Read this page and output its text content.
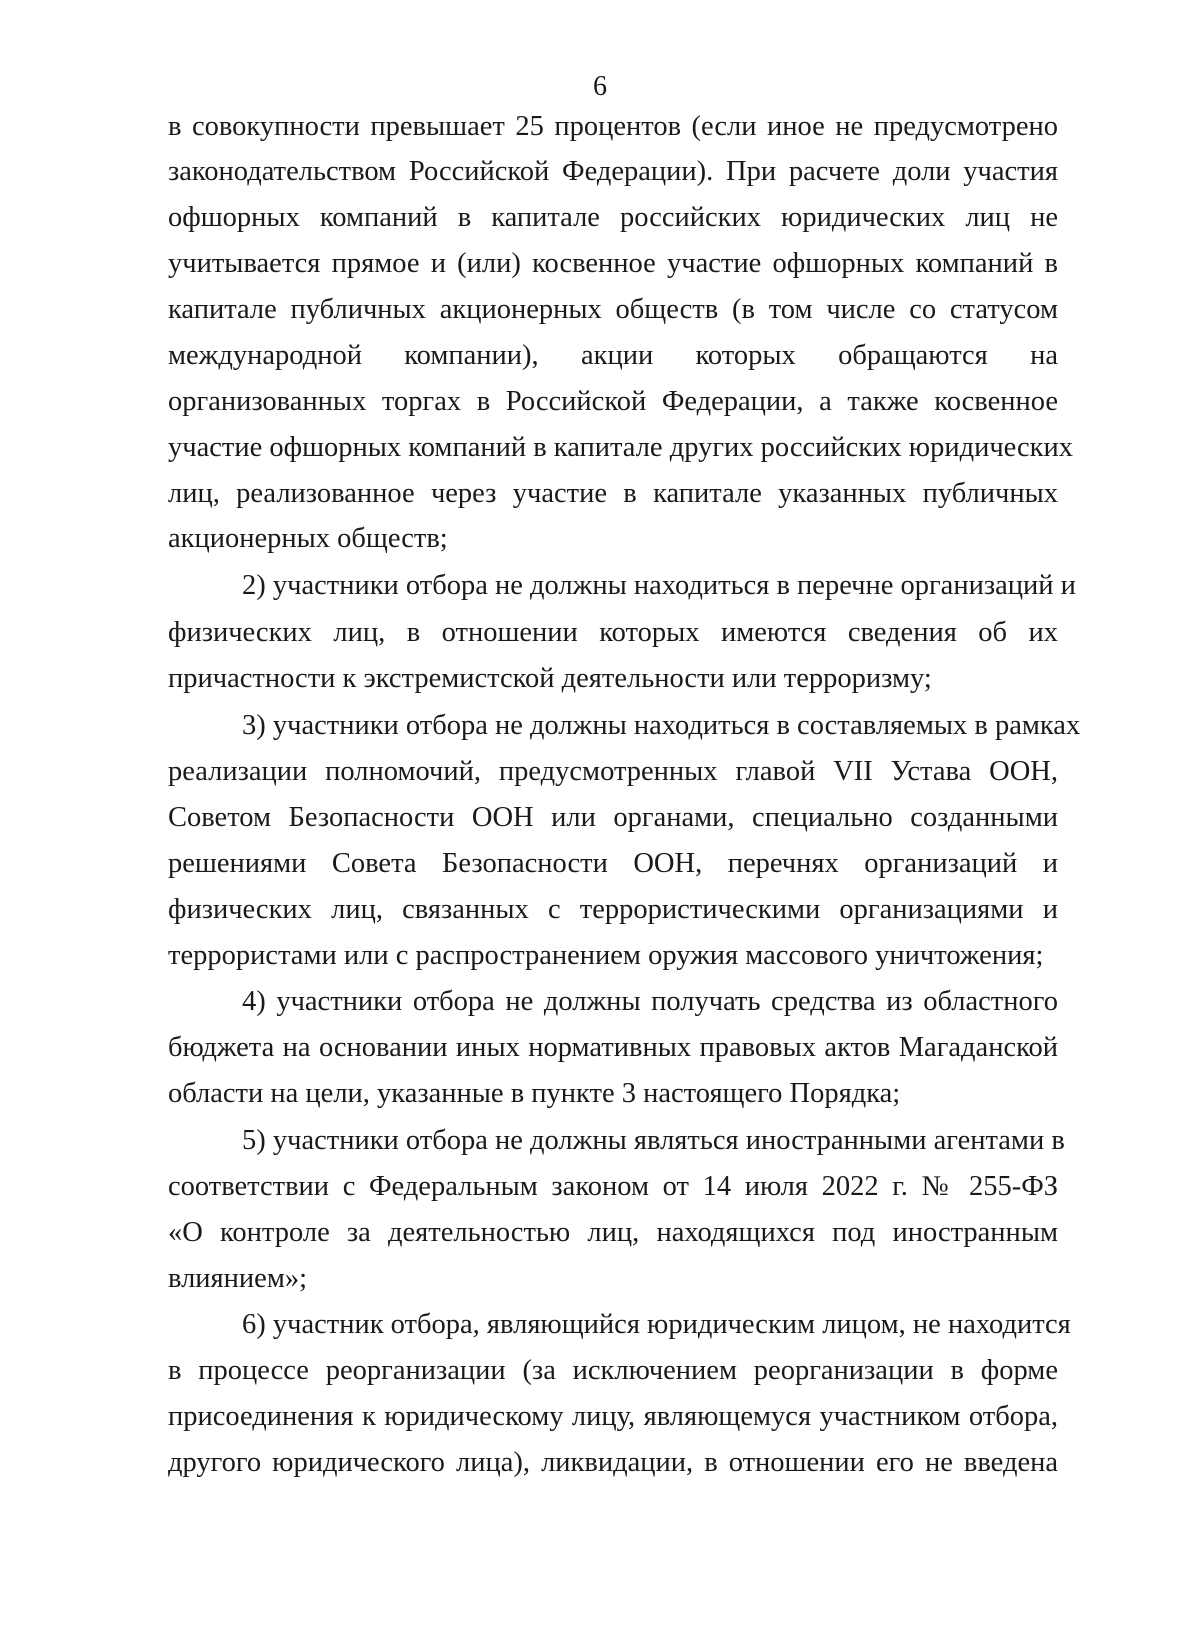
6
в совокупности превышает 25 процентов (если иное не предусмотрено
законодательством Российской Федерации). При расчете доли участия
офшорных компаний в капитале российских юридических лиц не
учитывается прямое и (или) косвенное участие офшорных компаний в
капитале публичных акционерных обществ (в том числе со статусом
международной компании), акции которых обращаются на
организованных торгах в Российской Федерации, а также косвенное
участие офшорных компаний в капитале других российских юридических
лиц, реализованное через участие в капитале указанных публичных
акционерных обществ;
2) участники отбора не должны находиться в перечне организаций и
физических лиц, в отношении которых имеются сведения об их
причастности к экстремистской деятельности или терроризму;
3) участники отбора не должны находиться в составляемых в рамках
реализации полномочий, предусмотренных главой VII Устава ООН,
Советом Безопасности ООН или органами, специально созданными
решениями Совета Безопасности ООН, перечнях организаций и
физических лиц, связанных с террористическими организациями и
террористами или с распространением оружия массового уничтожения;
4) участники отбора не должны получать средства из областного
бюджета на основании иных нормативных правовых актов Магаданской
области на цели, указанные в пункте 3 настоящего Порядка;
5) участники отбора не должны являться иностранными агентами в
соответствии с Федеральным законом от 14 июля 2022 г. № 255-ФЗ
«О контроле за деятельностью лиц, находящихся под иностранным
влиянием»;
6) участник отбора, являющийся юридическим лицом, не находится
в процессе реорганизации (за исключением реорганизации в форме
присоединения к юридическому лицу, являющемуся участником отбора,
другого юридического лица), ликвидации, в отношении его не введена
